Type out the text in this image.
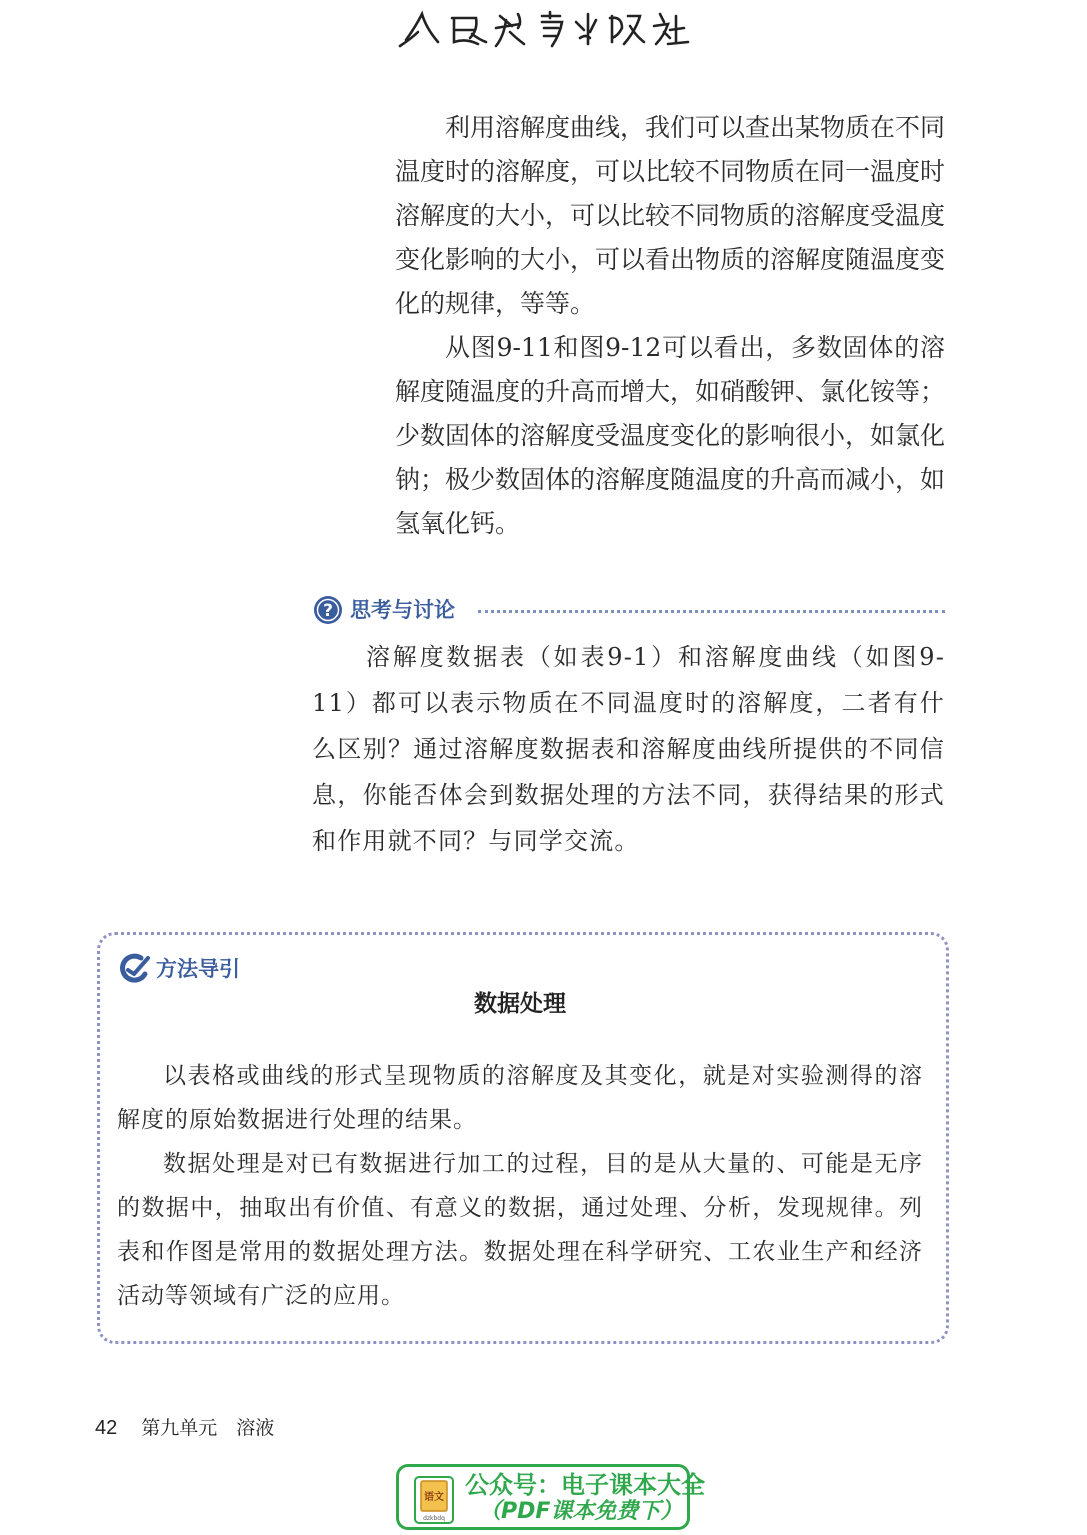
利用溶解度曲线，我们可以查出某物质在不同温度时的溶解度，可以比较不同物质在同一温度时溶解度的大小，可以比较不同物质的溶解度受温度变化影响的大小，可以看出物质的溶解度随温度变化的规律，等等。

从图9-11和图9-12可以看出，多数固体的溶解度随温度的升高而增大，如硝酸钾、氯化铵等；少数固体的溶解度受温度变化的影响很小，如氯化钠；极少数固体的溶解度随温度的升高而减小，如氢氧化钙。

? 思考与讨论

溶解度数据表（如表9-1）和溶解度曲线（如图9-11）都可以表示物质在不同温度时的溶解度，二者有什么区别？通过溶解度数据表和溶解度曲线所提供的不同信息，你能否体会到数据处理的方法不同，获得结果的形式和作用就不同？与同学交流。

方法导引
数据处理

以表格或曲线的形式呈现物质的溶解度及其变化，就是对实验测得的溶解度的原始数据进行处理的结果。

数据处理是对已有数据进行加工的过程，目的是从大量的、可能是无序的数据中，抽取出有价值、有意义的数据，通过处理、分析，发现规律。列表和作图是常用的数据处理方法。数据处理在科学研究、工农业生产和经济活动等领域有广泛的应用。

42 第九单元　溶液
语文
dzkbdq
公众号：电子课本大全
（PDF课本免费下）
